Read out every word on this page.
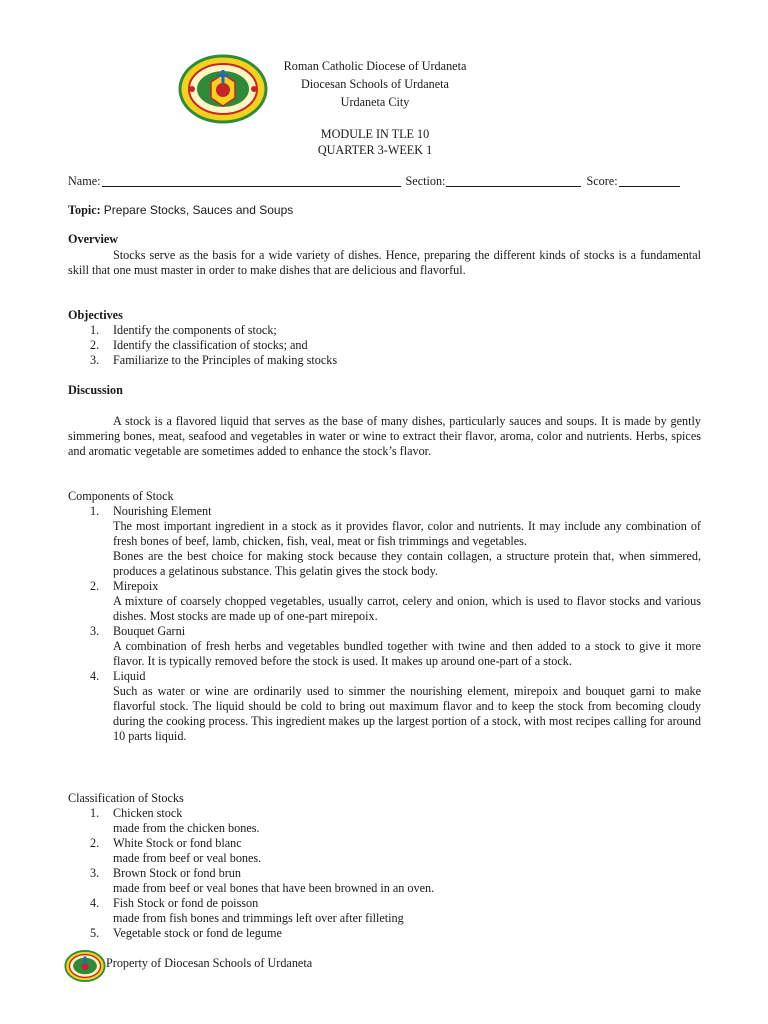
Roman Catholic Diocese of Urdaneta
Diocesan Schools of Urdaneta
Urdaneta City
MODULE IN TLE 10
QUARTER 3-WEEK 1
Name:	Section:	Score:
Topic: Prepare Stocks, Sauces and Soups
Overview
Stocks serve as the basis for a wide variety of dishes. Hence, preparing the different kinds of stocks is a fundamental skill that one must master in order to make dishes that are delicious and flavorful.
Objectives
1. Identify the components of stock;
2. Identify the classification of stocks; and
3. Familiarize to the Principles of making stocks
Discussion
A stock is a flavored liquid that serves as the base of many dishes, particularly sauces and soups. It is made by gently simmering bones, meat, seafood and vegetables in water or wine to extract their flavor, aroma, color and nutrients. Herbs, spices and aromatic vegetable are sometimes added to enhance the stock’s flavor.
Components of Stock
1. Nourishing Element
The most important ingredient in a stock as it provides flavor, color and nutrients. It may include any combination of fresh bones of beef, lamb, chicken, fish, veal, meat or fish trimmings and vegetables.
Bones are the best choice for making stock because they contain collagen, a structure protein that, when simmered, produces a gelatinous substance. This gelatin gives the stock body.
2. Mirepoix
A mixture of coarsely chopped vegetables, usually carrot, celery and onion, which is used to flavor stocks and various dishes. Most stocks are made up of one-part mirepoix.
3. Bouquet Garni
A combination of fresh herbs and vegetables bundled together with twine and then added to a stock to give it more flavor. It is typically removed before the stock is used. It makes up around one-part of a stock.
4. Liquid
Such as water or wine are ordinarily used to simmer the nourishing element, mirepoix and bouquet garni to make flavorful stock. The liquid should be cold to bring out maximum flavor and to keep the stock from becoming cloudy during the cooking process. This ingredient makes up the largest portion of a stock, with most recipes calling for around 10 parts liquid.
Classification of Stocks
1. Chicken stock
made from the chicken bones.
2. White Stock or fond blanc
made from beef or veal bones.
3. Brown Stock or fond brun
made from beef or veal bones that have been browned in an oven.
4. Fish Stock or fond de poisson
made from fish bones and trimmings left over after filleting
5. Vegetable stock or fond de legume
Property of Diocesan Schools of Urdaneta
